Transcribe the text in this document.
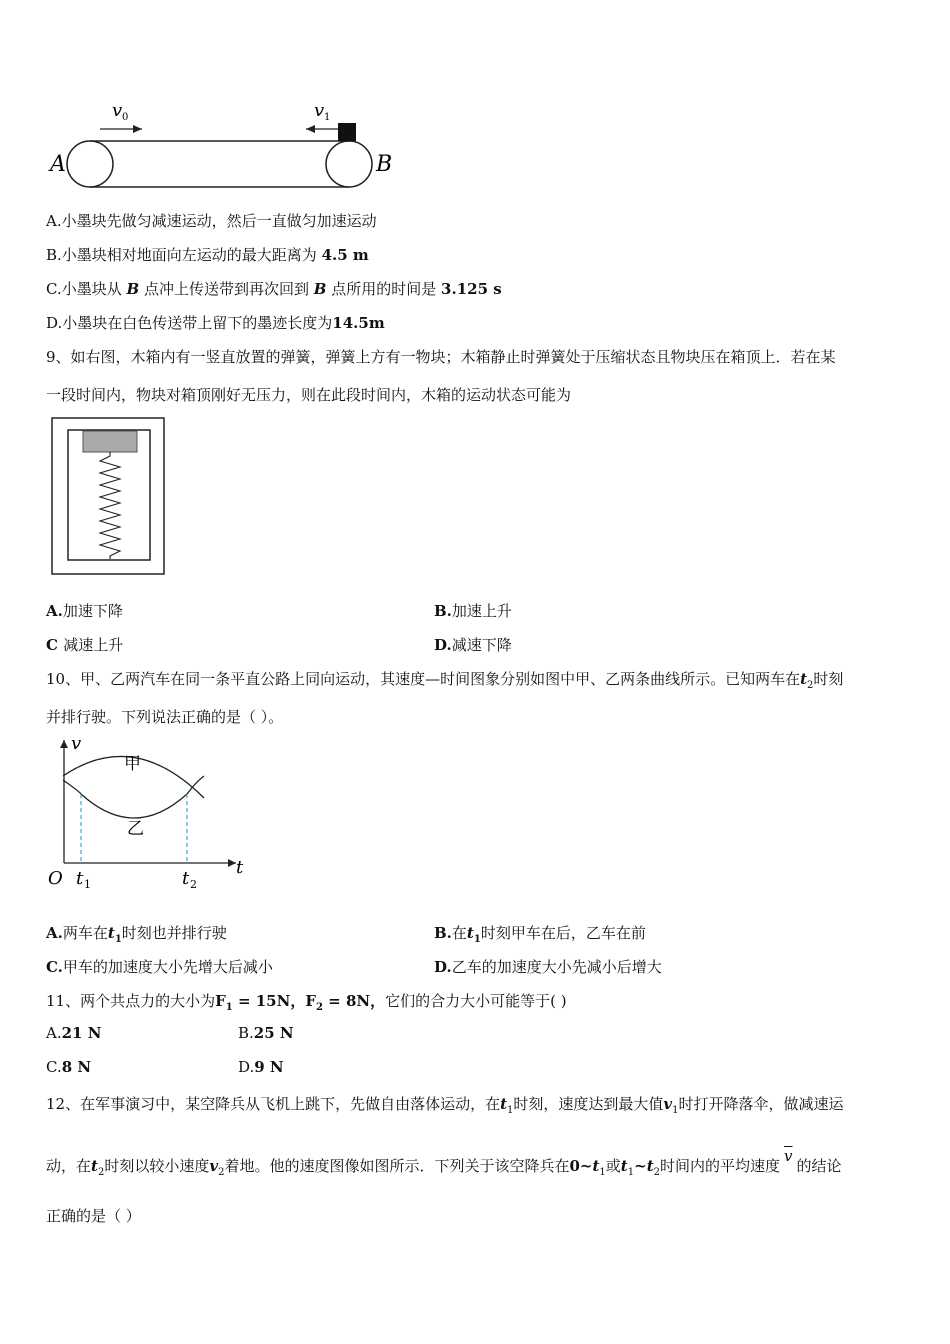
v 0	v 1
A	B
A.小墨块先做匀减速运动，然后一直做匀加速运动
B.小墨块相对地面向左运动的最大距离为 4.5 m
C.小墨块从 B 点冲上传送带到再次回到 B 点所用的时间是 3.125 s
D.小墨块在白色传送带上留下的墨迹长度为14.5m
9、如右图，木箱内有一竖直放置的弹簧，弹簧上方有一物块；木箱静止时弹簧处于压缩状态且物块压在箱顶上．若在某
一段时间内，物块对箱顶刚好无压力，则在此段时间内，木箱的运动状态可能为
A.加速下降	B.加速上升
C 减速上升	D.减速下降
10、甲、乙两汽车在同一条平直公路上同向运动，其速度—时间图象分别如图中甲、乙两条曲线所示。已知两车在$t_2$时刻
并排行驶。下列说法正确的是（ ）。
v
甲
乙
O
t
t 1	t 2
A.两车在$t_1$时刻也并排行驶	B.在$t_1$时刻甲车在后，乙车在前
C.甲车的加速度大小先增大后减小	D.乙车的加速度大小先减小后增大
11、两个共点力的大小为$F_1 = 15N$，$F_2 = 8N$，它们的合力大小可能等于( )
A.21 N	B.25 N
C.8 N	D.9 N
12、在军事演习中，某空降兵从飞机上跳下，先做自由落体运动，在$t_1$时刻，速度达到最大值$v_1$时打开降落伞，做减速运
动，在$t_2$时刻以较小速度$v_2$着地。他的速度图像如图所示．下列关于该空降兵在$0\sim t_1$或$t_1\sim t_2$时间内的平均速度$\overline{v}$的结论
正确的是（ ）
